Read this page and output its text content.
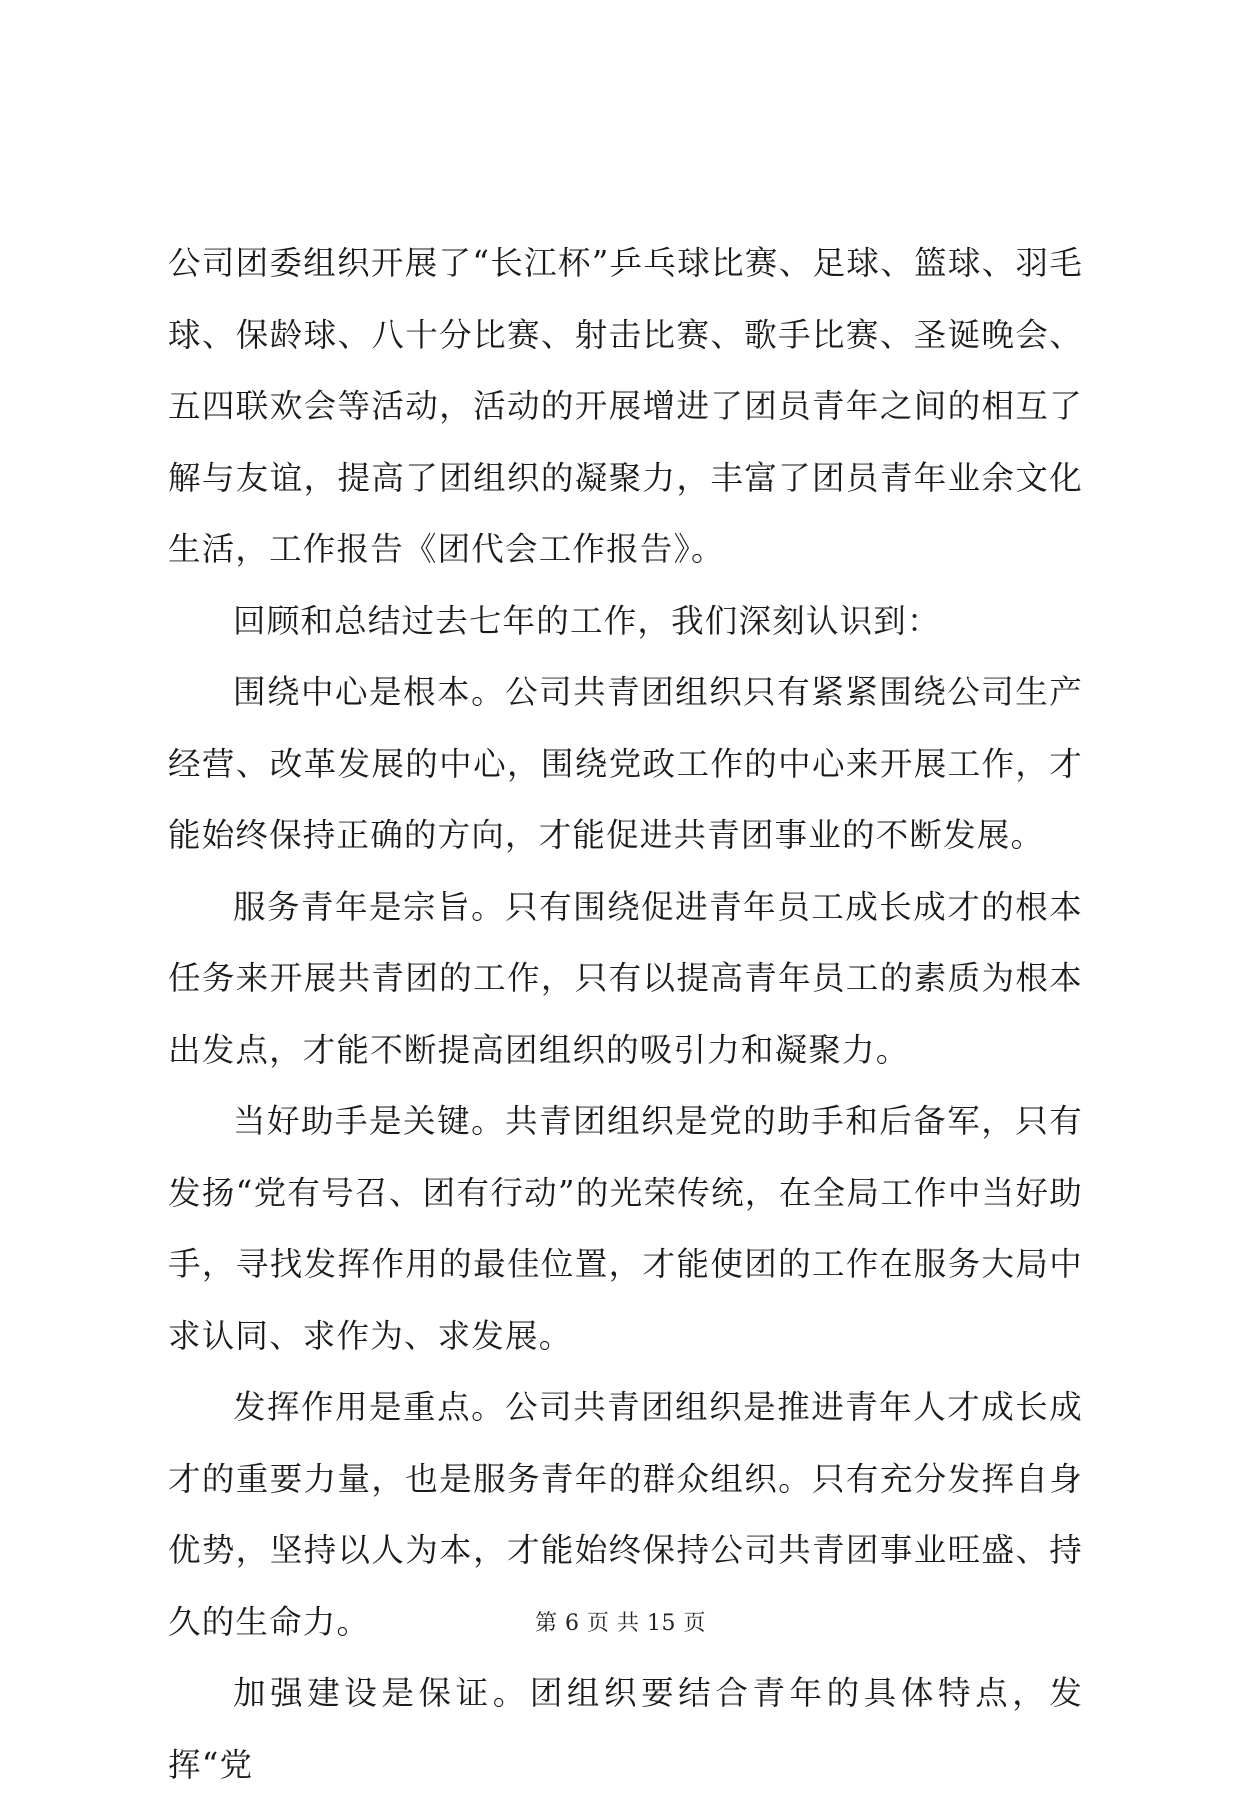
公司团委组织开展了“长江杯”乒乓球比赛、足球、篮球、羽毛球、保龄球、八十分比赛、射击比赛、歌手比赛、圣诞晚会、五四联欢会等活动，活动的开展增进了团员青年之间的相互了解与友谊，提高了团组织的凝聚力，丰富了团员青年业余文化生活，工作报告《团代会工作报告》。

回顾和总结过去七年的工作，我们深刻认识到：

围绕中心是根本。公司共青团组织只有紧紧围绕公司生产经营、改革发展的中心，围绕党政工作的中心来开展工作，才能始终保持正确的方向，才能促进共青团事业的不断发展。

服务青年是宗旨。只有围绕促进青年员工成长成才的根本任务来开展共青团的工作，只有以提高青年员工的素质为根本出发点，才能不断提高团组织的吸引力和凝聚力。

当好助手是关键。共青团组织是党的助手和后备军，只有发扬“党有号召、团有行动”的光荣传统，在全局工作中当好助手，寻找发挥作用的最佳位置，才能使团的工作在服务大局中求认同、求作为、求发展。

发挥作用是重点。公司共青团组织是推进青年人才成长成才的重要力量，也是服务青年的群众组织。只有充分发挥自身优势，坚持以人为本，才能始终保持公司共青团事业旺盛、持久的生命力。

加强建设是保证。团组织要结合青年的具体特点，发挥“党

第 6 页 共 15 页
